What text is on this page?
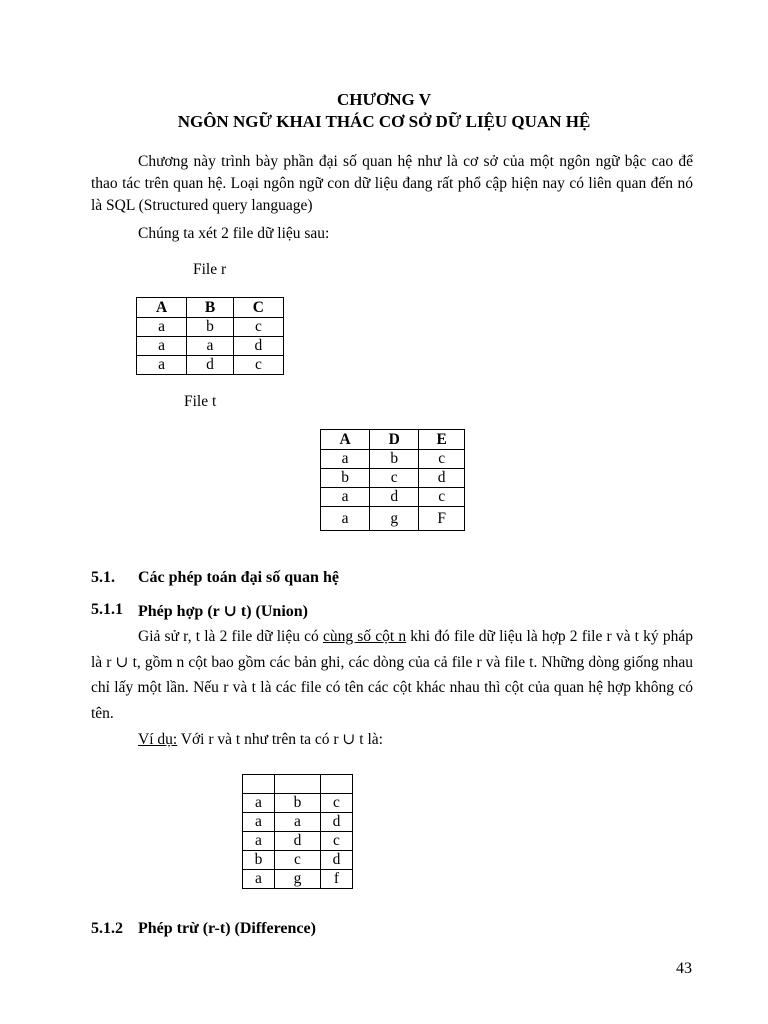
CHƯƠNG V
NGÔN NGỮ KHAI THÁC CƠ SỞ DỮ LIỆU QUAN HỆ

Chương này trình bày phần đại số quan hệ như là cơ sở của một ngôn ngữ bậc cao để thao tác trên quan hệ. Loại ngôn ngữ con dữ liệu đang rất phổ cập hiện nay có liên quan đến nó là SQL (Structured query language)

Chúng ta xét 2 file dữ liệu sau:
File r
A	B	C
a	b	c
a	a	d
a	d	c
File t
A	D	E
a	b	c
b	c	d
a	d	c
a	g	F
5.1. Các phép toán đại số quan hệ
5.1.1 Phép hợp (r ∪ t) (Union)

Giả sử r, t là 2 file dữ liệu có cùng số cột n khi đó file dữ liệu là hợp 2 file r và t ký pháp là r ∪ t, gồm n cột bao gồm các bản ghi, các dòng của cả file r và file t. Những dòng giống nhau chỉ lấy một lần. Nếu r và t là các file có tên các cột khác nhau thì cột của quan hệ hợp không có tên.

Ví dụ: Với r và t như trên ta có r ∪ t là:

a	b	c
a	a	d
a	d	c
b	c	d
a	g	f
5.1.2 Phép trừ (r-t) (Difference)
43
